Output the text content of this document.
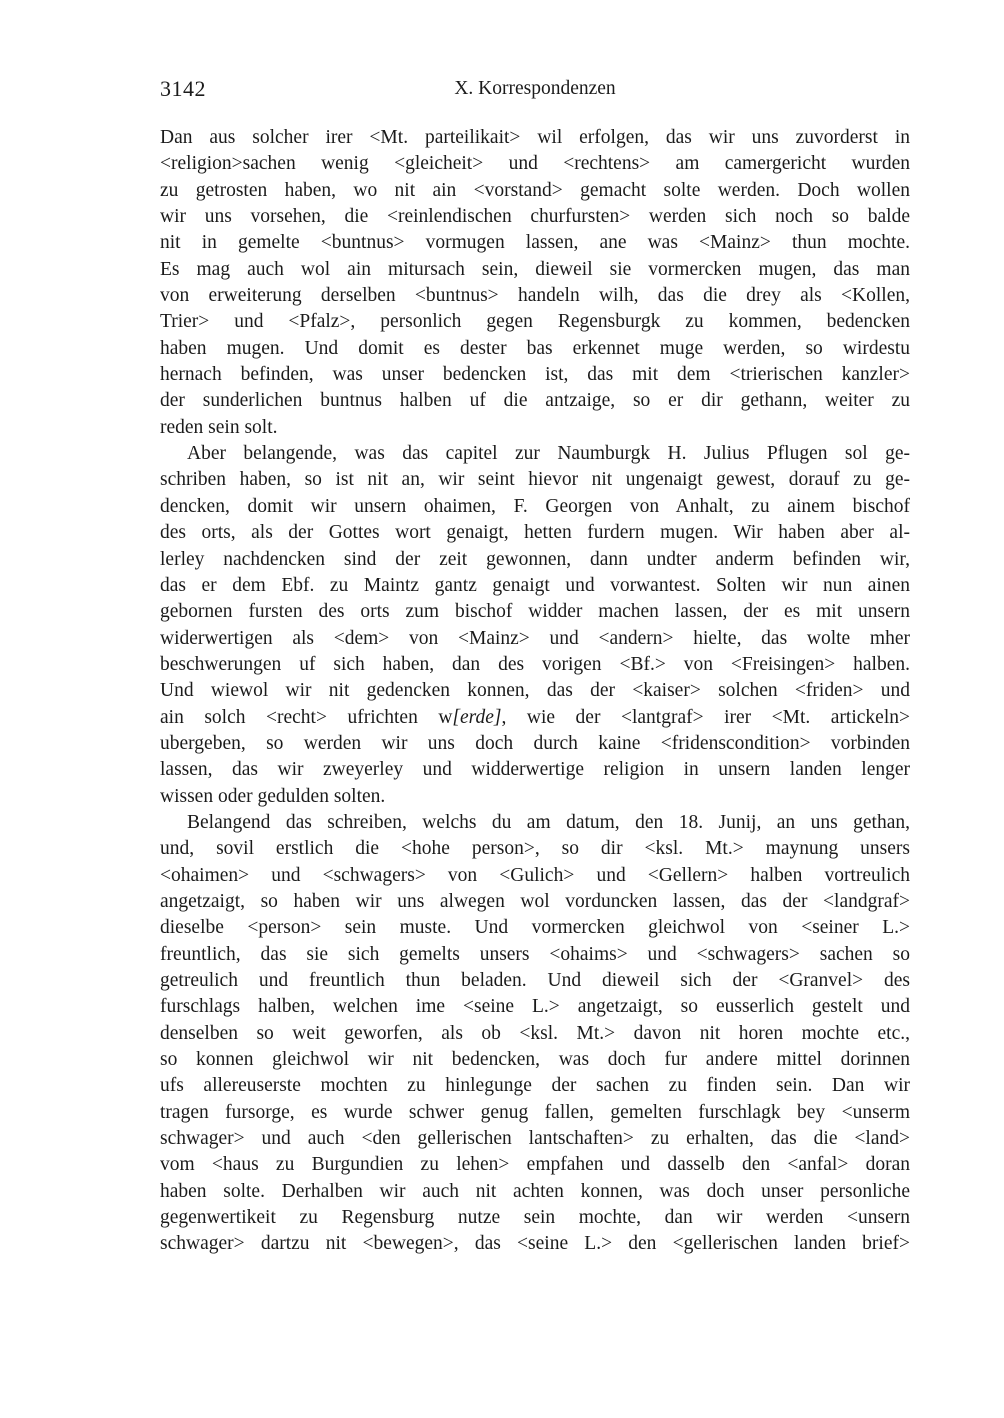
3142	X. Korrespondenzen
Dan aus solcher irer <Mt. parteilikait> wil erfolgen, das wir uns zuvorderst in
<religion>sachen wenig <gleicheit> und <rechtens> am camergericht wurden
zu getrosten haben, wo nit ain <vorstand> gemacht solte werden. Doch wollen
wir uns vorsehen, die <reinlendischen churfursten> werden sich noch so balde
nit in gemelte <buntnus> vormugen lassen, ane was <Mainz> thun mochte.
Es mag auch wol ain mitursach sein, dieweil sie vormercken mugen, das man
von erweiterung derselben <buntnus> handeln wilh, das die drey als <Kollen,
Trier> und <Pfalz>, personlich gegen Regensburgk zu kommen, bedencken
haben mugen. Und domit es dester bas erkennet muge werden, so wirdestu
hernach befinden, was unser bedencken ist, das mit dem <trierischen kanzler>
der sunderlichen buntnus halben uf die antzaige, so er dir gethann, weiter zu
reden sein solt.
Aber belangende, was das capitel zur Naumburgk H. Julius Pflugen sol ge-
schriben haben, so ist nit an, wir seint hievor nit ungenaigt gewest, dorauf zu ge-
dencken, domit wir unsern ohaimen, F. Georgen von Anhalt, zu ainem bischof
des orts, als der Gottes wort genaigt, hetten furdern mugen. Wir haben aber al-
lerley nachdencken sind der zeit gewonnen, dann undter anderm befinden wir,
das er dem Ebf. zu Maintz gantz genaigt und vorwantest. Solten wir nun ainen
gebornen fursten des orts zum bischof widder machen lassen, der es mit unsern
widerwertigen als <dem> von <Mainz> und <andern> hielte, das wolte mher
beschwerungen uf sich haben, dan des vorigen <Bf.> von <Freisingen> halben.
Und wiewol wir nit gedencken konnen, das der <kaiser> solchen <friden> und
ain solch <recht> ufrichten w[erde], wie der <lantgraf> irer <Mt. artickeln>
ubergeben, so werden wir uns doch durch kaine <fridenscondition> vorbinden
lassen, das wir zweyerley und widderwertige religion in unsern landen lenger
wissen oder gedulden solten.
Belangend das schreiben, welchs du am datum, den 18. Junij, an uns gethan,
und, sovil erstlich die <hohe person>, so dir <ksl. Mt.> maynung unsers
<ohaimen> und <schwagers> von <Gulich> und <Gellern> halben vortreulich
angetzaigt, so haben wir uns alwegen wol vorduncken lassen, das der <landgraf>
dieselbe <person> sein muste. Und vormercken gleichwol von <seiner L.>
freuntlich, das sie sich gemelts unsers <ohaims> und <schwagers> sachen so
getreulich und freuntlich thun beladen. Und dieweil sich der <Granvel> des
furschlags halben, welchen ime <seine L.> angetzaigt, so eusserlich gestelt und
denselben so weit geworfen, als ob <ksl. Mt.> davon nit horen mochte etc.,
so konnen gleichwol wir nit bedencken, was doch fur andere mittel dorinnen
ufs allereuserste mochten zu hinlegunge der sachen zu finden sein. Dan wir
tragen fursorge, es wurde schwer genug fallen, gemelten furschlagk bey <unserm
schwager> und auch <den gellerischen lantschaften> zu erhalten, das die <land>
vom <haus zu Burgundien zu lehen> empfahen und dasselb den <anfal> doran
haben solte. Derhalben wir auch nit achten konnen, was doch unser personliche
gegenwertikeit zu Regensburg nutze sein mochte, dan wir werden <unsern
schwager> dartzu nit <bewegen>, das <seine L.> den <gellerischen landen brief>
